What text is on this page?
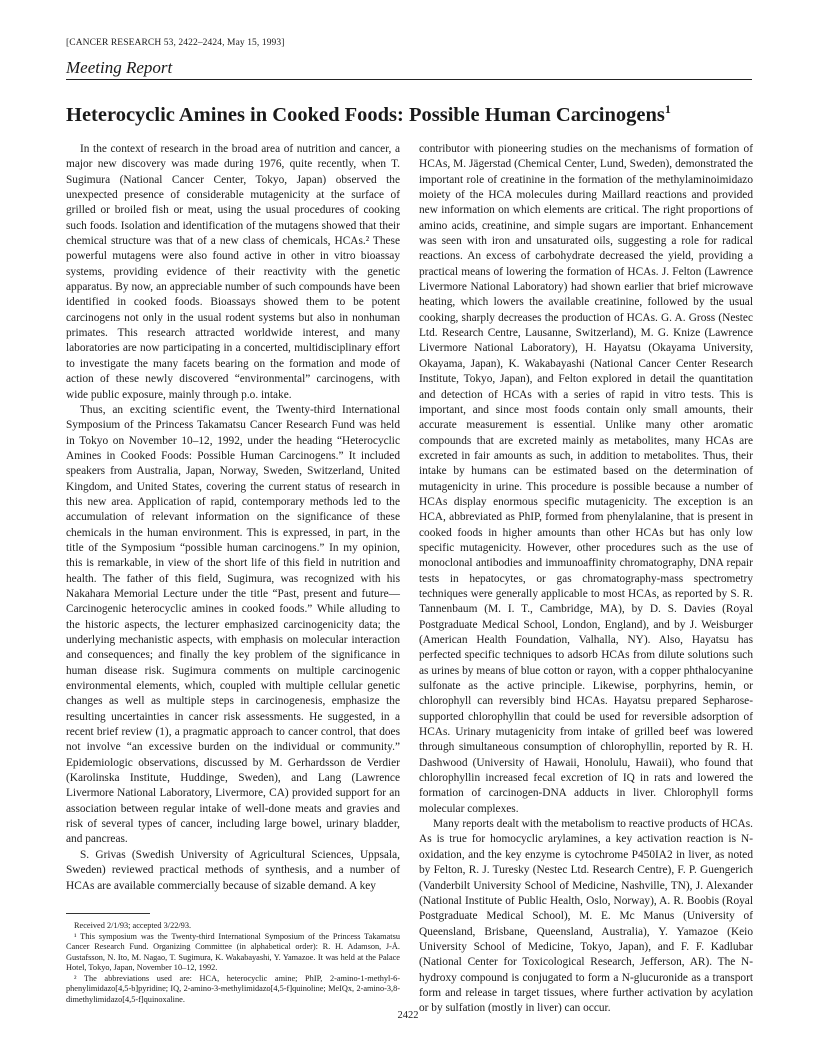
[CANCER RESEARCH 53, 2422–2424, May 15, 1993]
Meeting Report
Heterocyclic Amines in Cooked Foods: Possible Human Carcinogens$^1$

In the context of research in the broad area of nutrition and cancer, a major new discovery was made during 1976, quite recently, when T. Sugimura (National Cancer Center, Tokyo, Japan) observed the unexpected presence of considerable mutagenicity at the surface of grilled or broiled fish or meat, using the usual procedures of cooking such foods. Isolation and identification of the mutagens showed that their chemical structure was that of a new class of chemicals, HCAs.² These powerful mutagens were also found active in other in vitro bioassay systems, providing evidence of their reactivity with the genetic apparatus. By now, an appreciable number of such compounds have been identified in cooked foods. Bioassays showed them to be potent carcinogens not only in the usual rodent systems but also in nonhuman primates. This research attracted worldwide interest, and many laboratories are now participating in a concerted, multidisciplinary effort to investigate the many facets bearing on the formation and mode of action of these newly discovered “environmental” carcinogens, with wide public exposure, mainly through p.o. intake.

Thus, an exciting scientific event, the Twenty-third International Symposium of the Princess Takamatsu Cancer Research Fund was held in Tokyo on November 10–12, 1992, under the heading “Heterocyclic Amines in Cooked Foods: Possible Human Carcinogens.” It included speakers from Australia, Japan, Norway, Sweden, Switzerland, United Kingdom, and United States, covering the current status of research in this new area. Application of rapid, contemporary methods led to the accumulation of relevant information on the significance of these chemicals in the human environment. This is expressed, in part, in the title of the Symposium “possible human carcinogens.” In my opinion, this is remarkable, in view of the short life of this field in nutrition and health. The father of this field, Sugimura, was recognized with his Nakahara Memorial Lecture under the title “Past, present and future—Carcinogenic heterocyclic amines in cooked foods.” While alluding to the historic aspects, the lecturer emphasized carcinogenicity data; the underlying mechanistic aspects, with emphasis on molecular interaction and consequences; and finally the key problem of the significance in human disease risk. Sugimura comments on multiple carcinogenic environmental elements, which, coupled with multiple cellular genetic changes as well as multiple steps in carcinogenesis, emphasize the resulting uncertainties in cancer risk assessments. He suggested, in a recent brief review (1), a pragmatic approach to cancer control, that does not involve “an excessive burden on the individual or community.” Epidemiologic observations, discussed by M. Gerhardsson de Verdier (Karolinska Institute, Huddinge, Sweden), and Lang (Lawrence Livermore National Laboratory, Livermore, CA) provided support for an association between regular intake of well-done meats and gravies and risk of several types of cancer, including large bowel, urinary bladder, and pancreas.

S. Grivas (Swedish University of Agricultural Sciences, Uppsala, Sweden) reviewed practical methods of synthesis, and a number of HCAs are available commercially because of sizable demand. A key

contributor with pioneering studies on the mechanisms of formation of HCAs, M. Jägerstad (Chemical Center, Lund, Sweden), demonstrated the important role of creatinine in the formation of the methylaminoimidazo moiety of the HCA molecules during Maillard reactions and provided new information on which elements are critical. The right proportions of amino acids, creatinine, and simple sugars are important. Enhancement was seen with iron and unsaturated oils, suggesting a role for radical reactions. An excess of carbohydrate decreased the yield, providing a practical means of lowering the formation of HCAs. J. Felton (Lawrence Livermore National Laboratory) had shown earlier that brief microwave heating, which lowers the available creatinine, followed by the usual cooking, sharply decreases the production of HCAs. G. A. Gross (Nestec Ltd. Research Centre, Lausanne, Switzerland), M. G. Knize (Lawrence Livermore National Laboratory), H. Hayatsu (Okayama University, Okayama, Japan), K. Wakabayashi (National Cancer Center Research Institute, Tokyo, Japan), and Felton explored in detail the quantitation and detection of HCAs with a series of rapid in vitro tests. This is important, and since most foods contain only small amounts, their accurate measurement is essential. Unlike many other aromatic compounds that are excreted mainly as metabolites, many HCAs are excreted in fair amounts as such, in addition to metabolites. Thus, their intake by humans can be estimated based on the determination of mutagenicity in urine. This procedure is possible because a number of HCAs display enormous specific mutagenicity. The exception is an HCA, abbreviated as PhIP, formed from phenylalanine, that is present in cooked foods in higher amounts than other HCAs but has only low specific mutagenicity. However, other procedures such as the use of monoclonal antibodies and immunoaffinity chromatography, DNA repair tests in hepatocytes, or gas chromatography-mass spectrometry techniques were generally applicable to most HCAs, as reported by S. R. Tannenbaum (M. I. T., Cambridge, MA), by D. S. Davies (Royal Postgraduate Medical School, London, England), and by J. Weisburger (American Health Foundation, Valhalla, NY). Also, Hayatsu has perfected specific techniques to adsorb HCAs from dilute solutions such as urines by means of blue cotton or rayon, with a copper phthalocyanine sulfonate as the active principle. Likewise, porphyrins, hemin, or chlorophyll can reversibly bind HCAs. Hayatsu prepared Sepharose-supported chlorophyllin that could be used for reversible adsorption of HCAs. Urinary mutagenicity from intake of grilled beef was lowered through simultaneous consumption of chlorophyllin, reported by R. H. Dashwood (University of Hawaii, Honolulu, Hawaii), who found that chlorophyllin increased fecal excretion of IQ in rats and lowered the formation of carcinogen-DNA adducts in liver. Chlorophyll forms molecular complexes.

Many reports dealt with the metabolism to reactive products of HCAs. As is true for homocyclic arylamines, a key activation reaction is N-oxidation, and the key enzyme is cytochrome P450IA2 in liver, as noted by Felton, R. J. Turesky (Nestec Ltd. Research Centre), F. P. Guengerich (Vanderbilt University School of Medicine, Nashville, TN), J. Alexander (National Institute of Public Health, Oslo, Norway), A. R. Boobis (Royal Postgraduate Medical School), M. E. Mc Manus (University of Queensland, Brisbane, Queensland, Australia), Y. Yamazoe (Keio University School of Medicine, Tokyo, Japan), and F. F. Kadlubar (National Center for Toxicological Research, Jefferson, AR). The N-hydroxy compound is conjugated to form a N-glucuronide as a transport form and release in target tissues, where further activation by acylation or by sulfation (mostly in liver) can occur.

Received 2/1/93; accepted 3/22/93.

¹ This symposium was the Twenty-third International Symposium of the Princess Takamatsu Cancer Research Fund. Organizing Committee (in alphabetical order): R. H. Adamson, J-Å. Gustafsson, N. Ito, M. Nagao, T. Sugimura, K. Wakabayashi, Y. Yamazoe. It was held at the Palace Hotel, Tokyo, Japan, November 10–12, 1992.

² The abbreviations used are: HCA, heterocyclic amine; PhIP, 2-amino-1-methyl-6-phenylimidazo[4,5-b]pyridine; IQ, 2-amino-3-methylimidazo[4,5-f]quinoline; MeIQx, 2-amino-3,8-dimethylimidazo[4,5-f]quinoxaline.

2422
